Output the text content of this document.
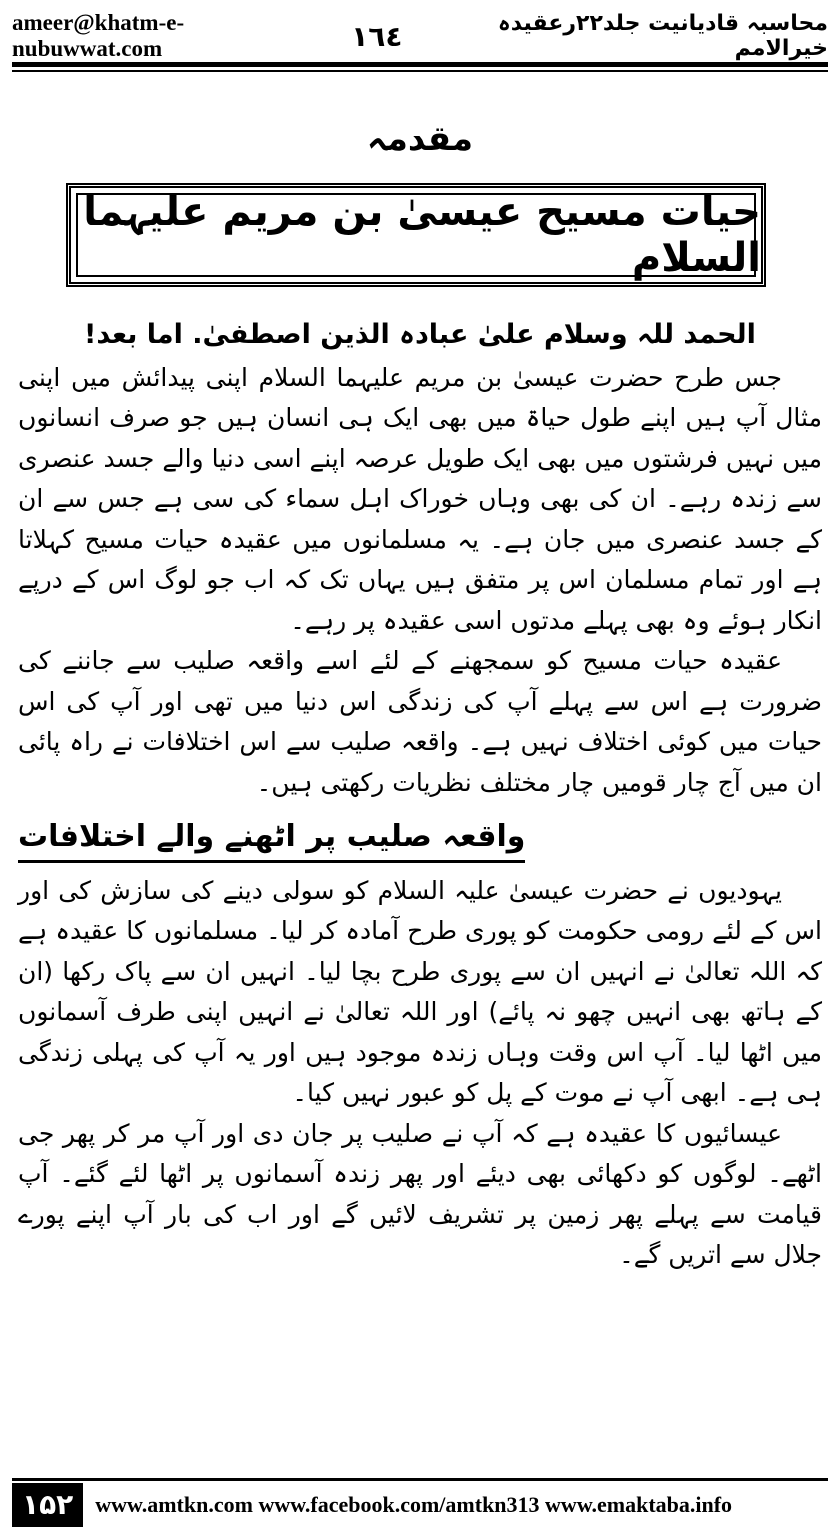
ameer@khatm-e-nubuwwat.com	١٦٤	محاسبہ قادیانیت جلد۲۲رعقیدہ خیرالامم
مقدمہ
حیات مسیح عیسیٰ بن مریم علیہما السلام

الحمد للہ وسلام علیٰ عبادہ الذین اصطفیٰ. اما بعد!

جس طرح حضرت عیسیٰ بن مریم علیہما السلام اپنی پیدائش میں اپنی مثال آپ ہیں اپنے طول حیاۃ میں بھی ایک ہی انسان ہیں جو صرف انسانوں میں نہیں فرشتوں میں بھی ایک طویل عرصہ اپنے اسی دنیا والے جسد عنصری سے زندہ رہے۔ ان کی بھی وہاں خوراک اہل سماء کی سی ہے جس سے ان کے جسد عنصری میں جان ہے۔ یہ مسلمانوں میں عقیدہ حیات مسیح کہلاتا ہے اور تمام مسلمان اس پر متفق ہیں یہاں تک کہ اب جو لوگ اس کے درپے انکار ہوئے وہ بھی پہلے مدتوں اسی عقیدہ پر رہے۔

عقیدہ حیات مسیح کو سمجھنے کے لئے اسے واقعہ صلیب سے جاننے کی ضرورت ہے اس سے پہلے آپ کی زندگی اس دنیا میں تھی اور آپ کی اس حیات میں کوئی اختلاف نہیں ہے۔ واقعہ صلیب سے اس اختلافات نے راہ پائی ان میں آج چار قومیں چار مختلف نظریات رکھتی ہیں۔

واقعہ صلیب پر اٹھنے والے اختلافات

یہودیوں نے حضرت عیسیٰ علیہ السلام کو سولی دینے کی سازش کی اور اس کے لئے رومی حکومت کو پوری طرح آمادہ کر لیا۔ مسلمانوں کا عقیدہ ہے کہ اللہ تعالیٰ نے انہیں ان سے پوری طرح بچا لیا۔ انہیں ان سے پاک رکھا (ان کے ہاتھ بھی انہیں چھو نہ پائے) اور اللہ تعالیٰ نے انہیں اپنی طرف آسمانوں میں اٹھا لیا۔ آپ اس وقت وہاں زندہ موجود ہیں اور یہ آپ کی پہلی زندگی ہی ہے۔ ابھی آپ نے موت کے پل کو عبور نہیں کیا۔

عیسائیوں کا عقیدہ ہے کہ آپ نے صلیب پر جان دی اور آپ مر کر پھر جی اٹھے۔ لوگوں کو دکھائی بھی دیئے اور پھر زندہ آسمانوں پر اٹھا لئے گئے۔ آپ قیامت سے پہلے پھر زمین پر تشریف لائیں گے اور اب کی بار آپ اپنے پورے جلال سے اتریں گے۔

۱۵۲	www.amtkn.com www.facebook.com/amtkn313 www.emaktaba.info
